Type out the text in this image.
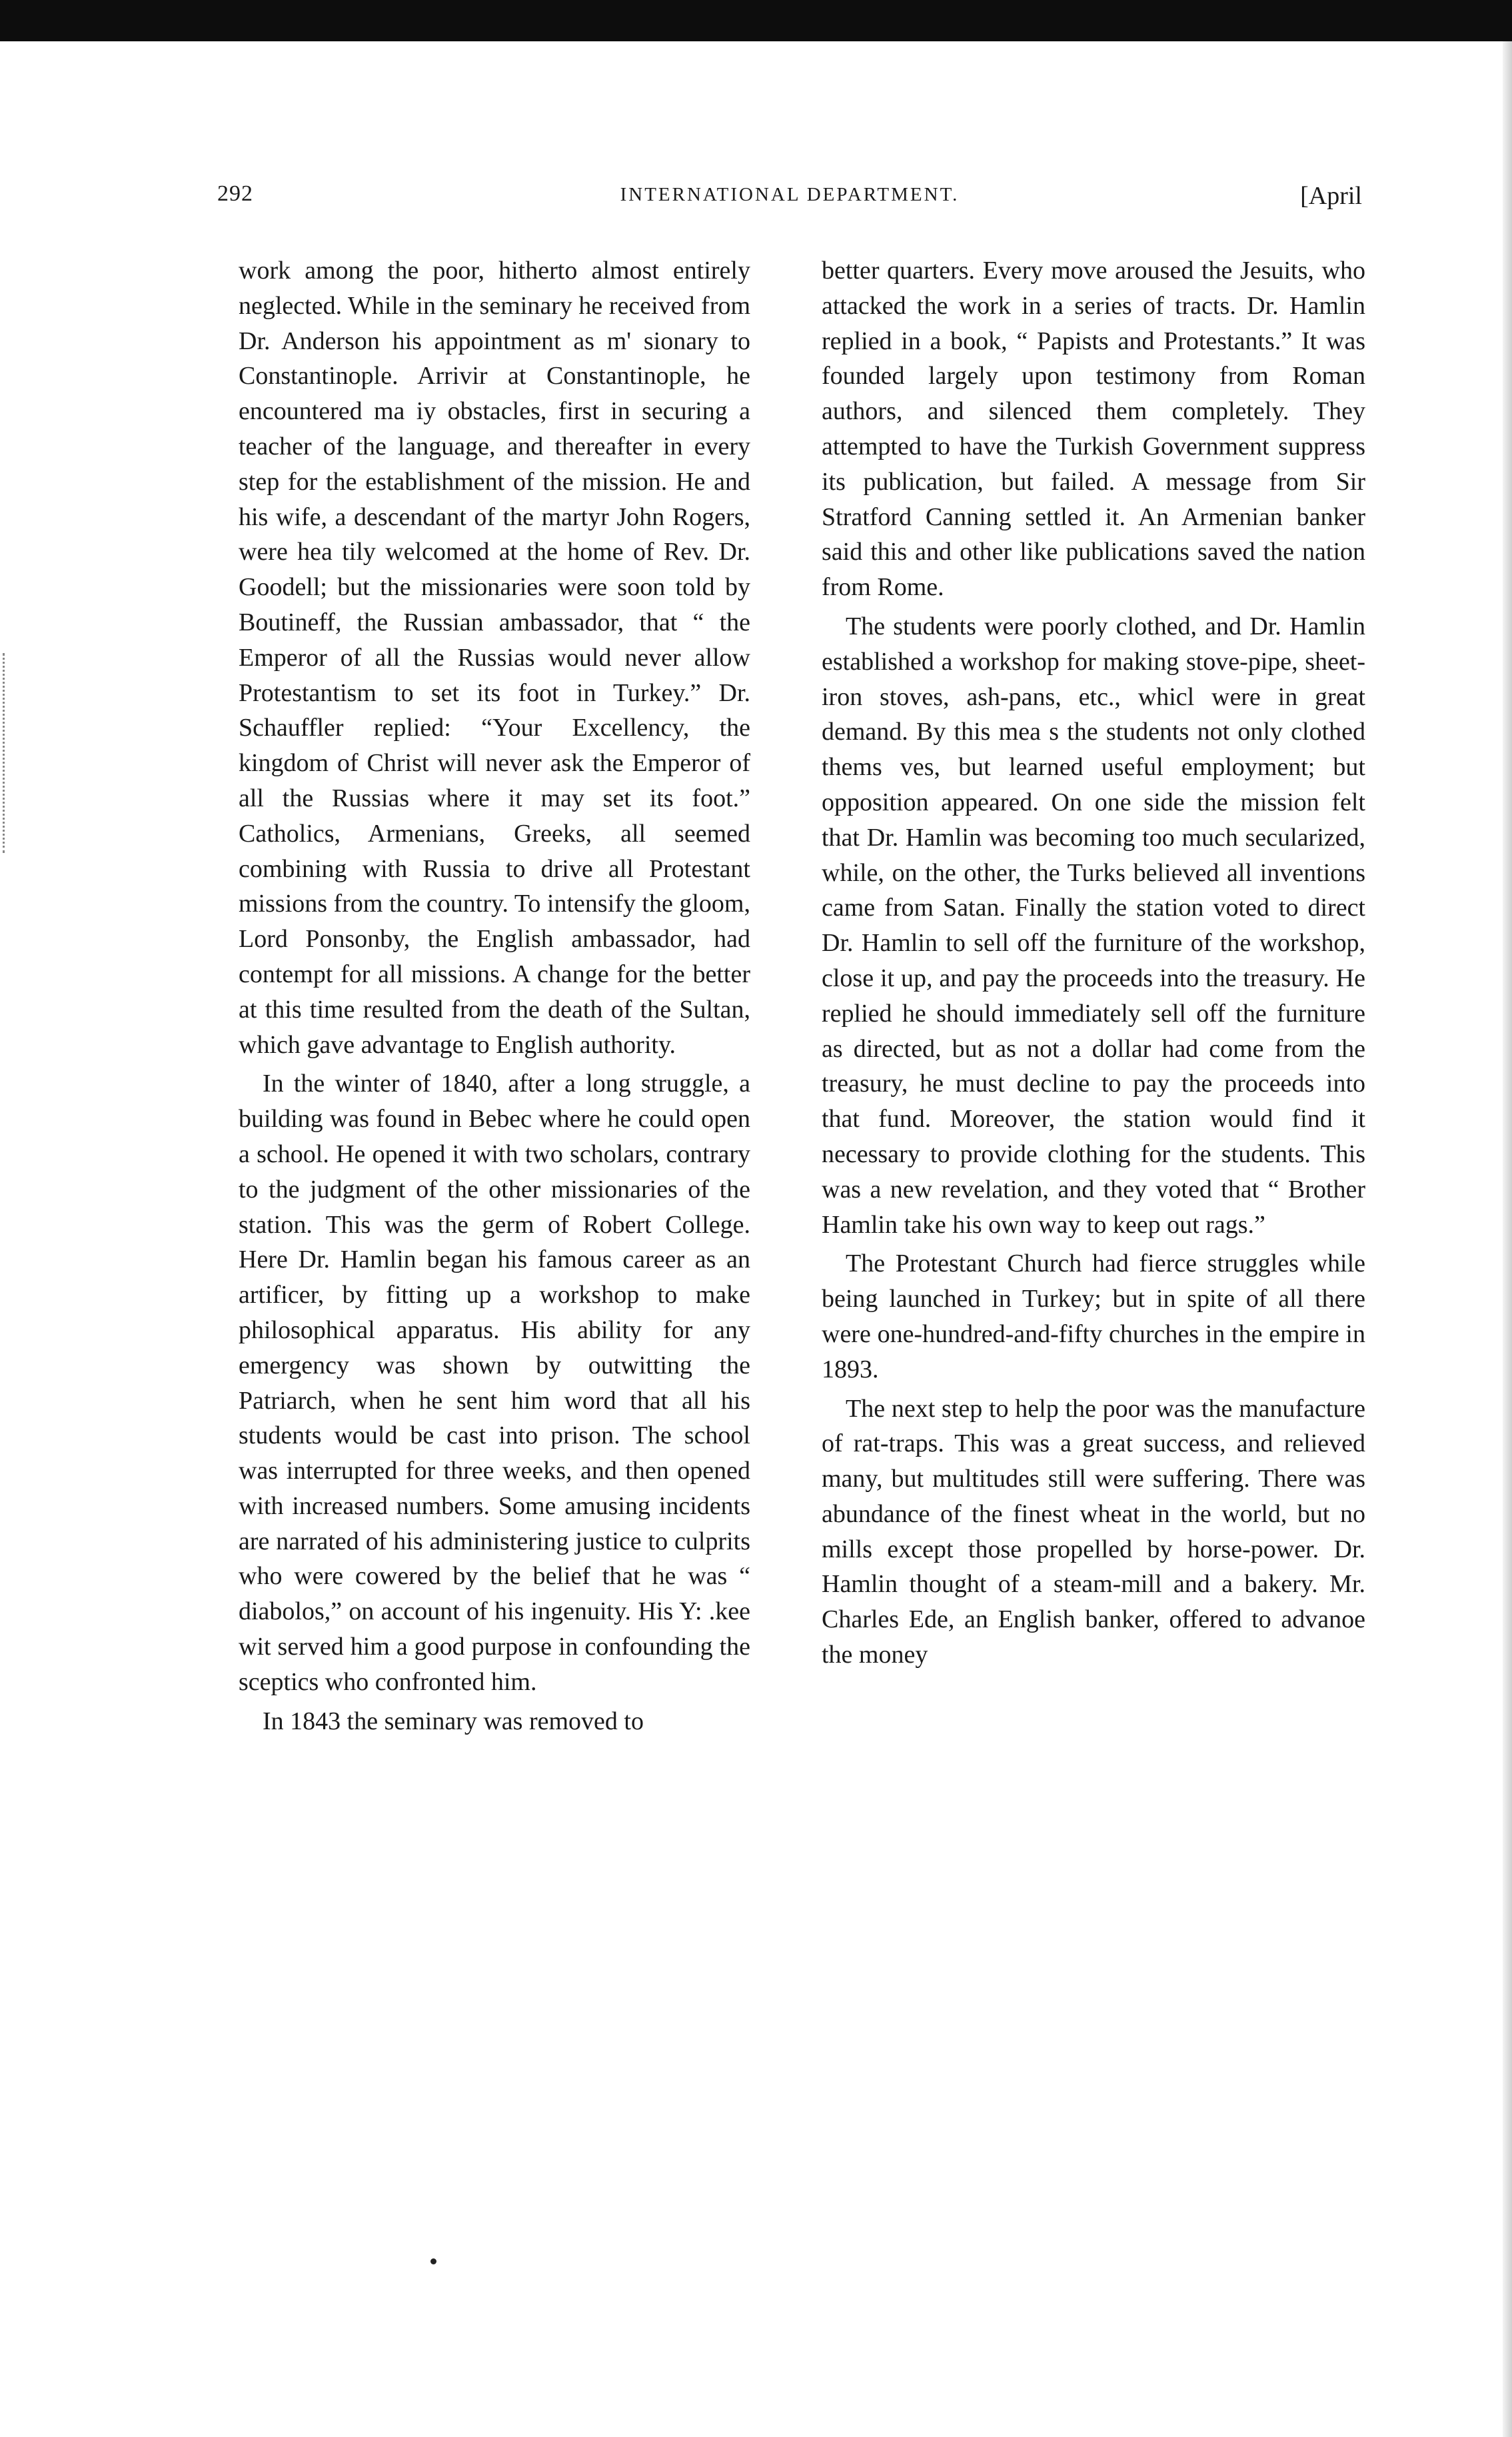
292	INTERNATIONAL DEPARTMENT.	[April

work among the poor, hitherto almost entirely neglected. While in the seminary he received from Dr. Anderson his appointment as m' sionary to Constantinople. Arrivir at Constantinople, he encountered ma iy obstacles, first in securing a teacher of the language, and thereafter in every step for the establishment of the mission. He and his wife, a descendant of the martyr John Rogers, were hea tily welcomed at the home of Rev. Dr. Goodell; but the missionaries were soon told by Boutineff, the Russian ambassador, that “ the Emperor of all the Russias would never allow Protestantism to set its foot in Turkey.” Dr. Schauffler replied: “Your Excellency, the kingdom of Christ will never ask the Emperor of all the Russias where it may set its foot.” Catholics, Armenians, Greeks, all seemed combining with Russia to drive all Protestant missions from the country. To intensify the gloom, Lord Ponsonby, the English ambassador, had contempt for all missions. A change for the better at this time resulted from the death of the Sultan, which gave advantage to English authority.

In the winter of 1840, after a long struggle, a building was found in Bebec where he could open a school. He opened it with two scholars, contrary to the judgment of the other missionaries of the station. This was the germ of Robert College. Here Dr. Hamlin began his famous career as an artificer, by fitting up a workshop to make philosophical apparatus. His ability for any emergency was shown by outwitting the Patriarch, when he sent him word that all his students would be cast into prison. The school was interrupted for three weeks, and then opened with increased numbers. Some amusing incidents are narrated of his administering justice to culprits who were cowered by the belief that he was “ diabolos,” on account of his ingenuity. His Y: .kee wit served him a good purpose in confounding the sceptics who confronted him.

In 1843 the seminary was removed to

better quarters. Every move aroused the Jesuits, who attacked the work in a series of tracts. Dr. Hamlin replied in a book, “ Papists and Protestants.” It was founded largely upon testimony from Roman authors, and silenced them completely. They attempted to have the Turkish Government suppress its publication, but failed. A message from Sir Stratford Canning settled it. An Armenian banker said this and other like publications saved the nation from Rome.

The students were poorly clothed, and Dr. Hamlin established a workshop for making stove-pipe, sheet-iron stoves, ash-pans, etc., whicl were in great demand. By this mea s the students not only clothed thems ves, but learned useful employment; but opposition appeared. On one side the mission felt that Dr. Hamlin was becoming too much secularized, while, on the other, the Turks believed all inventions came from Satan. Finally the station voted to direct Dr. Hamlin to sell off the furniture of the workshop, close it up, and pay the proceeds into the treasury. He replied he should immediately sell off the furniture as directed, but as not a dollar had come from the treasury, he must decline to pay the proceeds into that fund. Moreover, the station would find it necessary to provide clothing for the students. This was a new revelation, and they voted that “ Brother Hamlin take his own way to keep out rags.”

The Protestant Church had fierce struggles while being launched in Turkey; but in spite of all there were one-hundred-and-fifty churches in the empire in 1893.

The next step to help the poor was the manufacture of rat-traps. This was a great success, and relieved many, but multitudes still were suffering. There was abundance of the finest wheat in the world, but no mills except those propelled by horse-power. Dr. Hamlin thought of a steam-mill and a bakery. Mr. Charles Ede, an English banker, offered to advanoe the money
